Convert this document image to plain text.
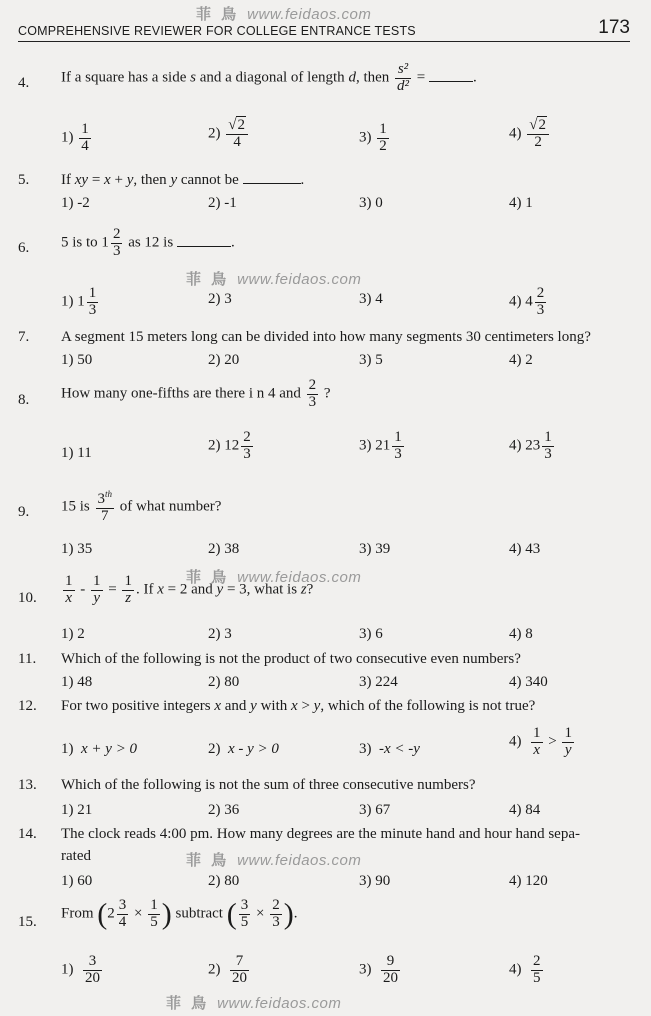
菲 鳥 www.feidaos.com
菲 鳥 www.feidaos.com
菲 鳥 www.feidaos.com
菲 鳥 www.feidaos.com
菲 鳥 www.feidaos.com
COMPREHENSIVE REVIEWER FOR COLLEGE ENTRANCE TESTS	173
4. If a square has a side s and a diagonal of length d, then $\frac{\text{s²}}{\text{d²}}$ =	.
$1) \frac{1}{4}$	$2) \frac{√2}{4}$	$3) \frac{1}{2}$	$4) \frac{√2}{2}$
5. If xy = x + y, then y cannot be	.
1) -2	2) -1	3) 0	4) 1
6. 5 is to $1 \frac{2}{3}$ as 12 is	.
1) $1 \frac{1}{3}$	2) 3	3) 4	4) $4 \frac{2}{3}$
7. A segment 15 meters long can be divided into how many segments 30 centimeters long?
1) 50	2) 20	3) 5	4) 2
8. How many one-fifths are there i n 4 and $\frac{2}{3}$ ?
1) 11	2) $12 \frac{2}{3}$	3) $21 \frac{1}{3}$	4) $23 \frac{1}{3}$
9. 15 is $\frac{3^{th}}{7}$ of what number?
1) 35	2) 38	3) 39	4) 43
10. $\frac{1}{x} - \frac{1}{y} = \frac{1}{z}$ . If x = 2 and y = 3, what is z?
1) 2	2) 3	3) 6	4) 8
11. Which of the following is not the product of two consecutive even numbers?
1) 48	2) 80	3) 224	4) 340
12. For two positive integers x and y with x > y, which of the following is not true?
1) x + y > 0	2) x - y > 0	3) -x < -y	$4) \frac{1}{x} > \frac{1}{y}$
13. Which of the following is not the sum of three consecutive numbers?
1) 21	2) 36	3) 67	4) 84
14. The clock reads 4:00 pm. How many degrees are the minute hand and hour hand sepa-
rated
1) 60	2) 80	3) 90	4) 120
15.
From ($2 \frac{3}{4} \times \frac{1}{5}$ ) subtract ( $\frac{3}{5} \times \frac{2}{3}$ ).
$1) \frac{3}{20}$	$2) \frac{7}{20}$	$3) \frac{9}{20}$	$4) \frac{2}{5}$
